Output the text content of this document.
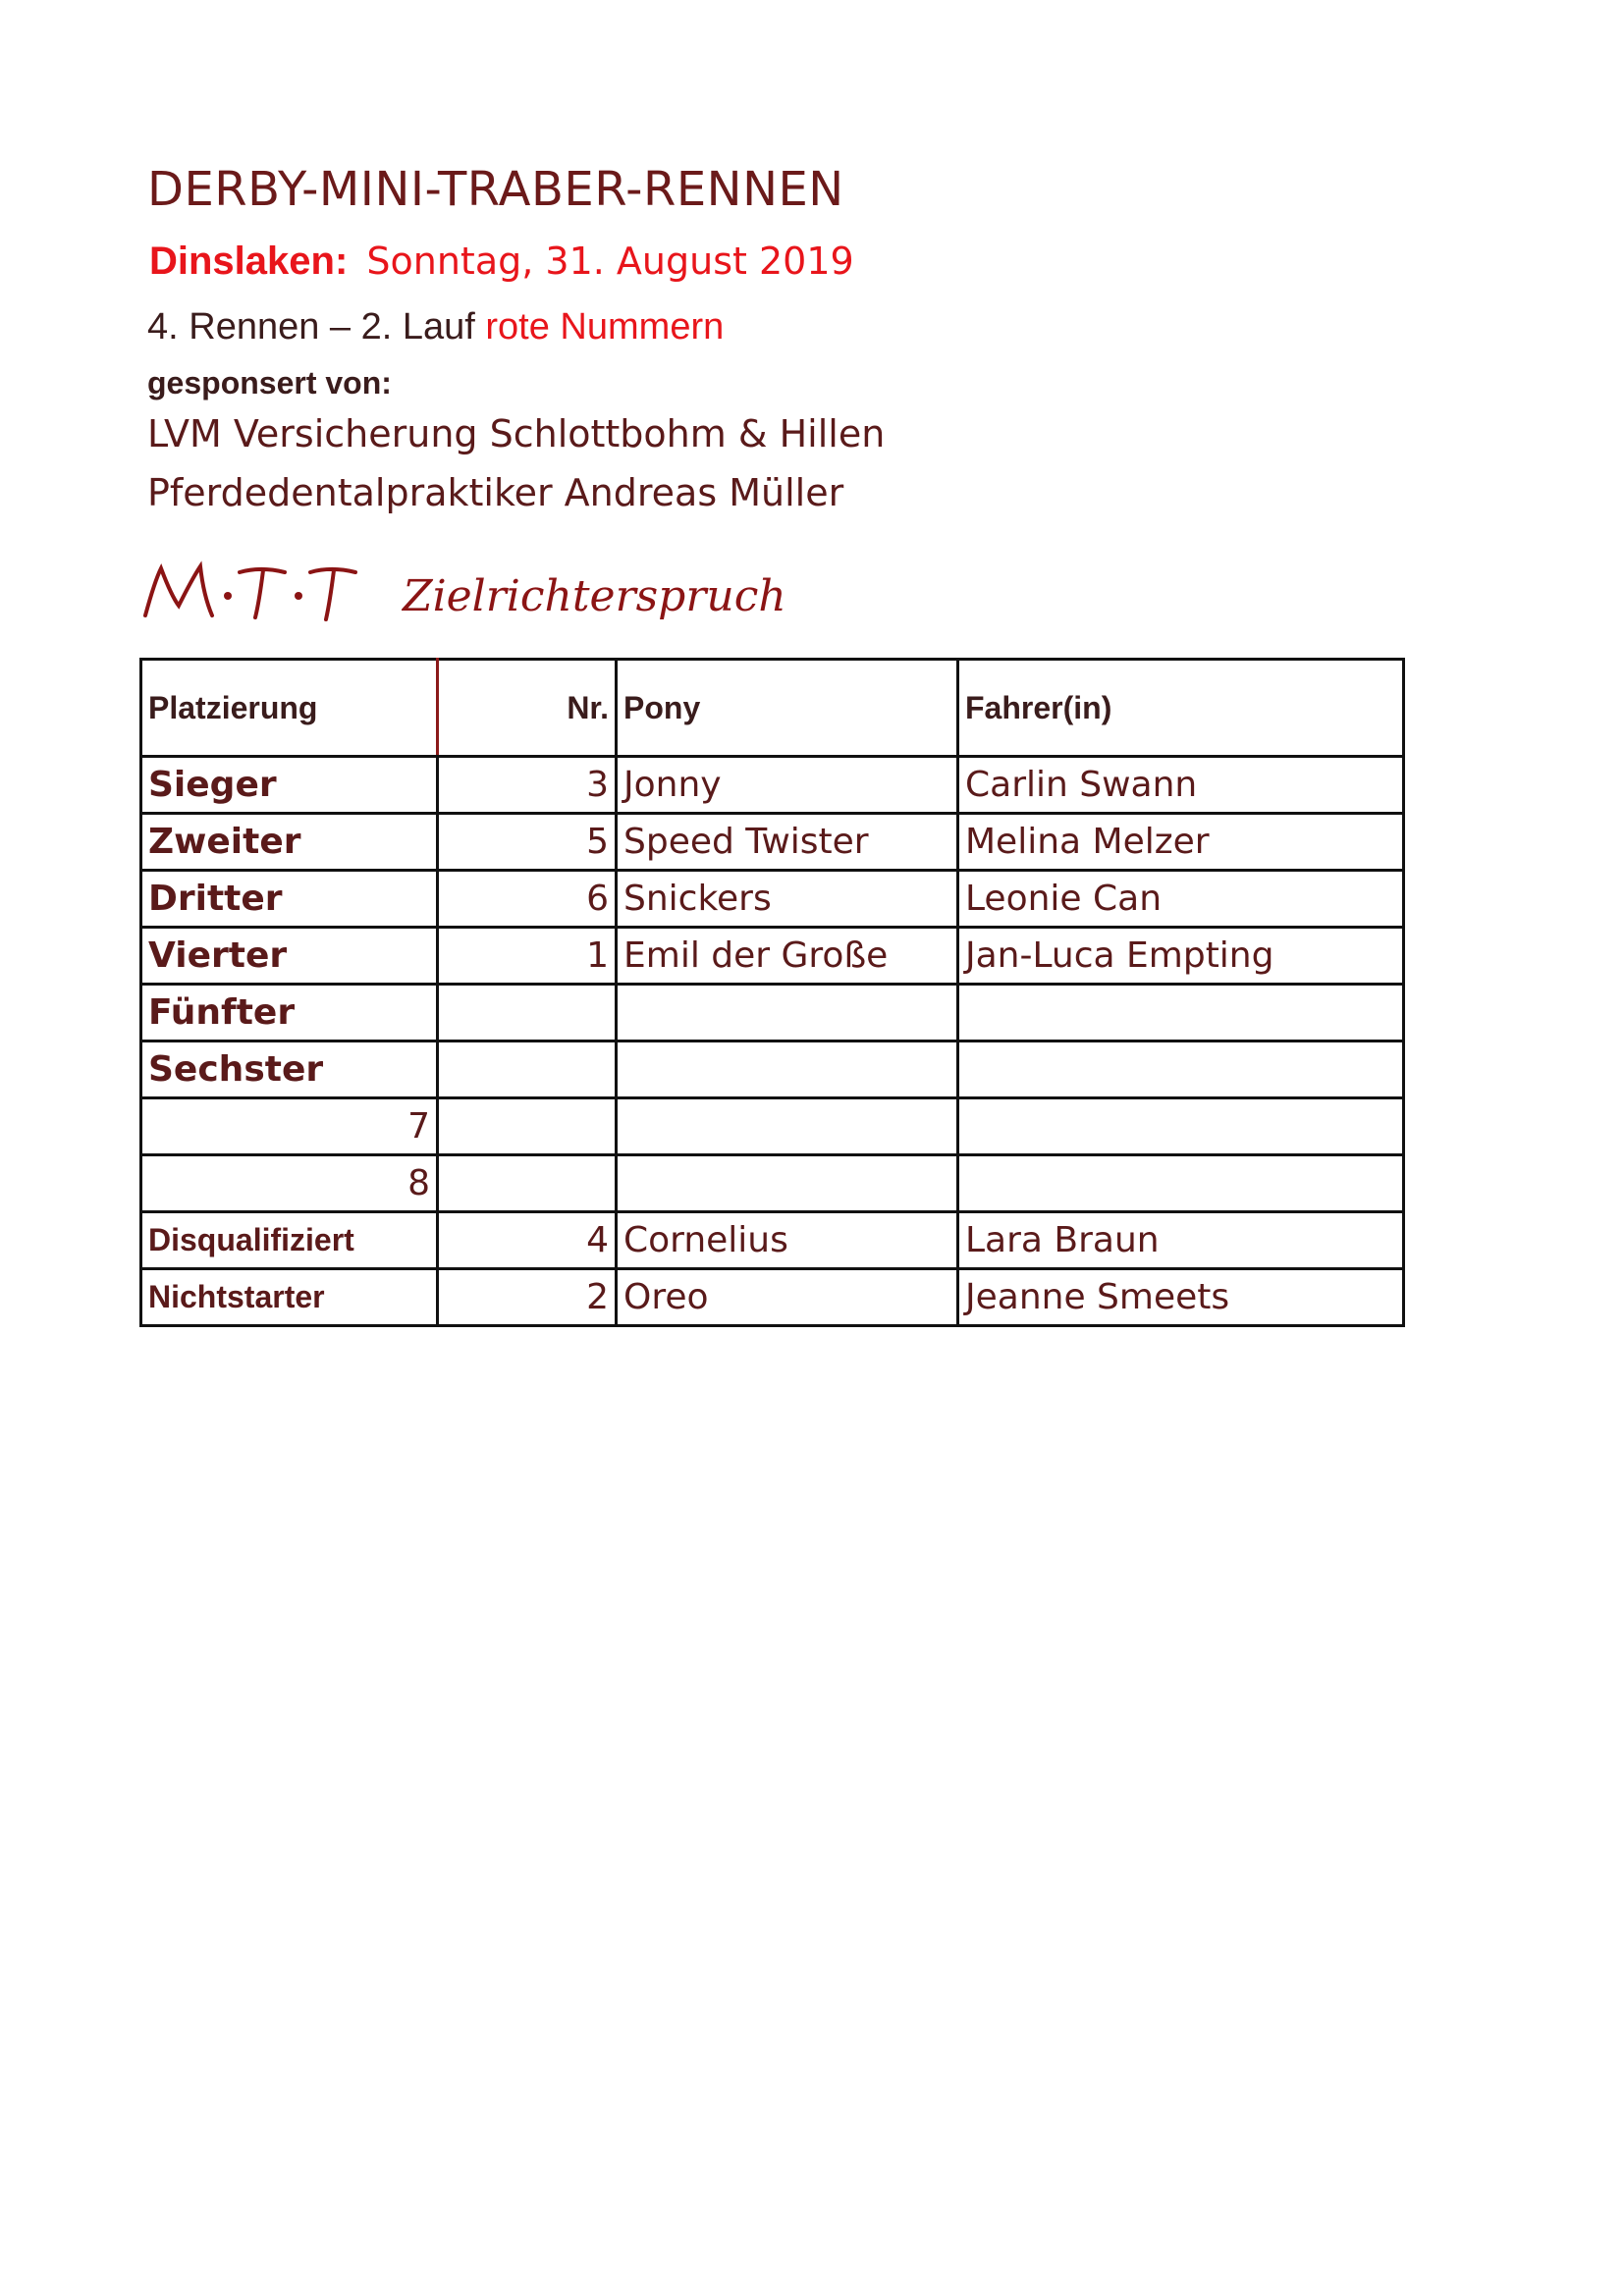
DERBY-MINI-TRABER-RENNEN
Dinslaken: Sonntag, 31. August 2019
4. Rennen – 2. Lauf rote Nummern
gesponsert von:
LVM Versicherung Schlottbohm & Hillen
Pferdedentalpraktiker Andreas Müller
M.T.T
Zielrichterspruch
Platzierung	Nr.	Pony	Fahrer(in)
Sieger	3	Jonny	Carlin Swann
Zweiter	5	Speed Twister	Melina Melzer
Dritter	6	Snickers	Leonie Can
Vierter	1	Emil der Große	Jan-Luca Empting
Fünfter			
Sechster			
7			
8			
Disqualifiziert	4	Cornelius	Lara Braun
Nichtstarter	2	Oreo	Jeanne Smeets
